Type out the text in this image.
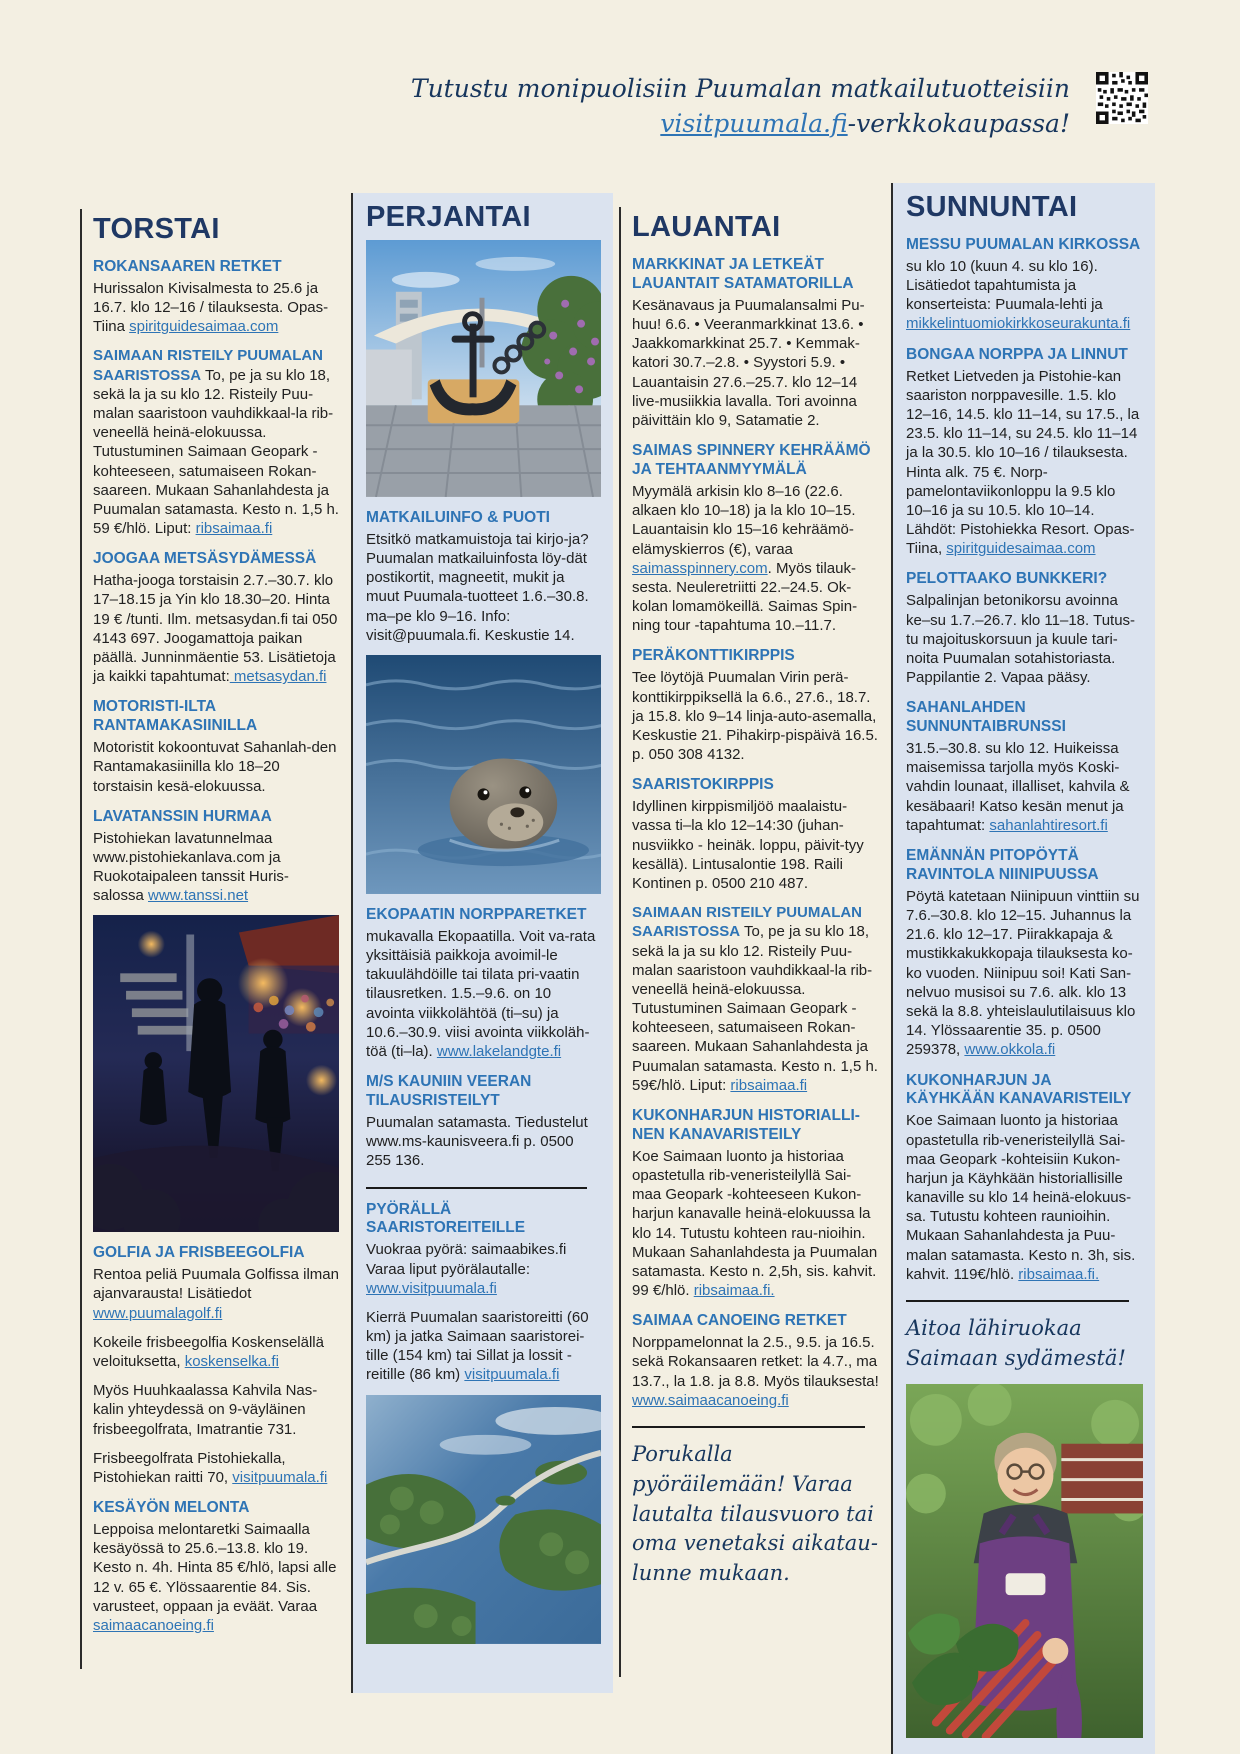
Tutustu monipuolisiin Puumalan matkailutuotteisiin
visitpuumala.fi-verkkokaupassa!
TORSTAI
ROKANSAAREN RETKET

Hurissalon Kivisalmesta to 25.6 ja 16.7. klo 12–16 / tilauksesta. Opas-Tiina spiritguidesaimaa.com

SAIMAAN RISTEILY PUUMALAN SAARISTOSSA To, pe ja su klo 18, sekä la ja su klo 12. Risteily Puu-malan saaristoon vauhdikkaal-la rib-veneellä heinä-elokuussa. Tutustuminen Saimaan Geopark -kohteeseen, satumaiseen Rokan-saareen. Mukaan Sahanlahdesta ja Puumalan satamasta. Kesto n. 1,5 h. 59 €/hlö. Liput: ribsaimaa.fi

JOOGAA METSÄSYDÄMESSÄ

Hatha-jooga torstaisin 2.7.–30.7. klo 17–18.15 ja Yin klo 18.30–20. Hinta 19 € /tunti. Ilm. metsasydan.fi tai 050 4143 697. Joogamattoja paikan päällä. Junninmäentie 53. Lisätietoja ja kaikki tapahtumat: metsasydan.fi

MOTORISTI-ILTA RANTAMAKASIINILLA

Motoristit kokoontuvat Sahanlah-den Rantamakasiinilla klo 18–20 torstaisin kesä-elokuussa.

LAVATANSSIN HURMAA

Pistohiekan lavatunnelmaa www.pistohiekanlava.com ja Ruokotaipaleen tanssit Huris-salossa www.tanssi.net

GOLFIA JA FRISBEEGOLFIA

Rentoa peliä Puumala Golfissa ilman ajanvarausta! Lisätiedot www.puumalagolf.fi

Kokeile frisbeegolfia Koskenselällä veloituksetta, koskenselka.fi

Myös Huuhkaalassa Kahvila Nas-kalin yhteydessä on 9-väyläinen frisbeegolfrata, Imatrantie 731.

Frisbeegolfrata Pistohiekalla, Pistohiekan raitti 70, visitpuumala.fi

KESÄYÖN MELONTA

Leppoisa melontaretki Saimaalla kesäyössä to 25.6.–13.8. klo 19. Kesto n. 4h. Hinta 85 €/hlö, lapsi alle 12 v. 65 €. Ylössaarentie 84. Sis. varusteet, oppaan ja eväät. Varaa saimaacanoeing.fi

PERJANTAI
MATKAILUINFO & PUOTI

Etsitkö matkamuistoja tai kirjo-ja? Puumalan matkailuinfosta löy-dät postikortit, magneetit, mukit ja muut Puumala-tuotteet 1.6.–30.8. ma–pe klo 9–16. Info: visit@puumala.fi. Keskustie 14.

EKOPAATIN NORPPARETKET

mukavalla Ekopaatilla. Voit va-rata yksittäisiä paikkoja avoimil-le takuulähdöille tai tilata pri-vaatin tilausretken. 1.5.–9.6. on 10 avointa viikkolähtöä (ti–su) ja 10.6.–30.9. viisi avointa viikkoläh-töä (ti–la). www.lakelandgte.fi

M/S KAUNIIN VEERAN TILAUSRISTEILYT

Puumalan satamasta. Tiedustelut www.ms-kaunisveera.fi p. 0500 255 136.

PYÖRÄLLÄ SAARISTOREITEILLE

Vuokraa pyörä: saimaabikes.fi Varaa liput pyörälautalle: www.visitpuumala.fi

Kierrä Puumalan saaristoreitti (60 km) ja jatka Saimaan saaristorei-tille (154 km) tai Sillat ja lossit -reitille (86 km) visitpuumala.fi

LAUANTAI
MARKKINAT JA LETKEÄT LAUANTAIT SATAMATORILLA

Kesänavaus ja Puumalansalmi Pu-huu! 6.6. • Veeranmarkkinat 13.6. • Jaakkomarkkinat 25.7. • Kemmak-katori 30.7.–2.8. • Syystori 5.9. • Lauantaisin 27.6.–25.7. klo 12–14 live-musiikkia lavalla. Tori avoinna päivittäin klo 9, Satamatie 2.

SAIMAS SPINNERY KEHRÄÄMÖ JA TEHTAANMYYMÄLÄ

Myymälä arkisin klo 8–16 (22.6. alkaen klo 10–18) ja la klo 10–15. Lauantaisin klo 15–16 kehräämö-elämyskierros (€), varaa saimasspinnery.com. Myös tilauk-sesta. Neuleretriitti 22.–24.5. Ok-kolan lomamökeillä. Saimas Spin-ning tour -tapahtuma 10.–11.7.

PERÄKONTTIKIRPPIS

Tee löytöjä Puumalan Virin perä-konttikirppiksellä la 6.6., 27.6., 18.7. ja 15.8. klo 9–14 linja-auto-asemalla, Keskustie 21. Pihakirp-pispäivä 16.5. p. 050 308 4132.

SAARISTOKIRPPIS

Idyllinen kirppismiljöö maalaistu-vassa ti–la klo 12–14:30 (juhan-nusviikko - heinäk. loppu, päivit-tyy kesällä). Lintusalontie 198. Raili Kontinen p. 0500 210 487.

SAIMAAN RISTEILY PUUMALAN SAARISTOSSA To, pe ja su klo 18, sekä la ja su klo 12. Risteily Puu-malan saaristoon vauhdikkaal-la rib-veneellä heinä-elokuussa. Tutustuminen Saimaan Geopark -kohteeseen, satumaiseen Rokan-saareen. Mukaan Sahanlahdesta ja Puumalan satamasta. Kesto n. 1,5 h. 59€/hlö. Liput: ribsaimaa.fi

KUKONHARJUN HISTORIALLI-NEN KANAVARISTEILY

Koe Saimaan luonto ja historiaa opastetulla rib-veneristeilyllä Sai-maa Geopark -kohteeseen Kukon-harjun kanavalle heinä-elokuussa la klo 14. Tutustu kohteen rau-nioihin. Mukaan Sahanlahdesta ja Puumalan satamasta. Kesto n. 2,5h, sis. kahvit. 99 €/hlö. ribsaimaa.fi.

SAIMAA CANOEING RETKET

Norppamelonnat la 2.5., 9.5. ja 16.5. sekä Rokansaaren retket: la 4.7., ma 13.7., la 1.8. ja 8.8. Myös tilauksesta! www.saimaacanoeing.fi

Porukalla pyöräilemään! Varaa lautalta tilausvuoro tai oma venetaksi aikatau-lunne mukaan.

SUNNUNTAI
MESSU PUUMALAN KIRKOSSA

su klo 10 (kuun 4. su klo 16). Lisätiedot tapahtumista ja konserteista: Puumala-lehti ja mikkelintuomiokirkkoseurakunta.fi

BONGAA NORPPA JA LINNUT

Retket Lietveden ja Pistohie-kan saariston norppavesille. 1.5. klo 12–16, 14.5. klo 11–14, su 17.5., la 23.5. klo 11–14, su 24.5. klo 11–14 ja la 30.5. klo 10–16 / tilauksesta. Hinta alk. 75 €. Norp-pamelontaviikonloppu la 9.5 klo 10–16 ja su 10.5. klo 10–14. Lähdöt: Pistohiekka Resort. Opas-Tiina, spiritguidesaimaa.com

PELOTTAAKO BUNKKERI?

Salpalinjan betonikorsu avoinna ke–su 1.7.–26.7. klo 11–18. Tutus-tu majoituskorsuun ja kuule tari-noita Puumalan sotahistoriasta. Pappilantie 2. Vapaa pääsy.

SAHANLAHDEN SUNNUNTAIBRUNSSI

31.5.–30.8. su klo 12. Huikeissa maisemissa tarjolla myös Koski-vahdin lounaat, illalliset, kahvila & kesäbaari! Katso kesän menut ja tapahtumat: sahanlahtiresort.fi

EMÄNNÄN PITOPÖYTÄ RAVINTOLA NIINIPUUSSA

Pöytä katetaan Niinipuun vinttiin su 7.6.–30.8. klo 12–15. Juhannus la 21.6. klo 12–17. Piirakkapaja & mustikkakukkopaja tilauksesta ko-ko vuoden. Niinipuu soi! Kati San-nelvuo musisoi su 7.6. alk. klo 13 sekä la 8.8. yhteislaulutilaisuus klo 14. Ylössaarentie 35. p. 0500 259378, www.okkola.fi

KUKONHARJUN JA KÄYHKÄÄN KANAVARISTEILY

Koe Saimaan luonto ja historiaa opastetulla rib-veneristeilyllä Sai-maa Geopark -kohteisiin Kukon-harjun ja Käyhkään historiallisille kanaville su klo 14 heinä-elokuus-sa. Tutustu kohteen raunioihin. Mukaan Sahanlahdesta ja Puu-malan satamasta. Kesto n. 3h, sis. kahvit. 119€/hlö. ribsaimaa.fi.

Aitoa lähiruokaa Saimaan sydämestä!
